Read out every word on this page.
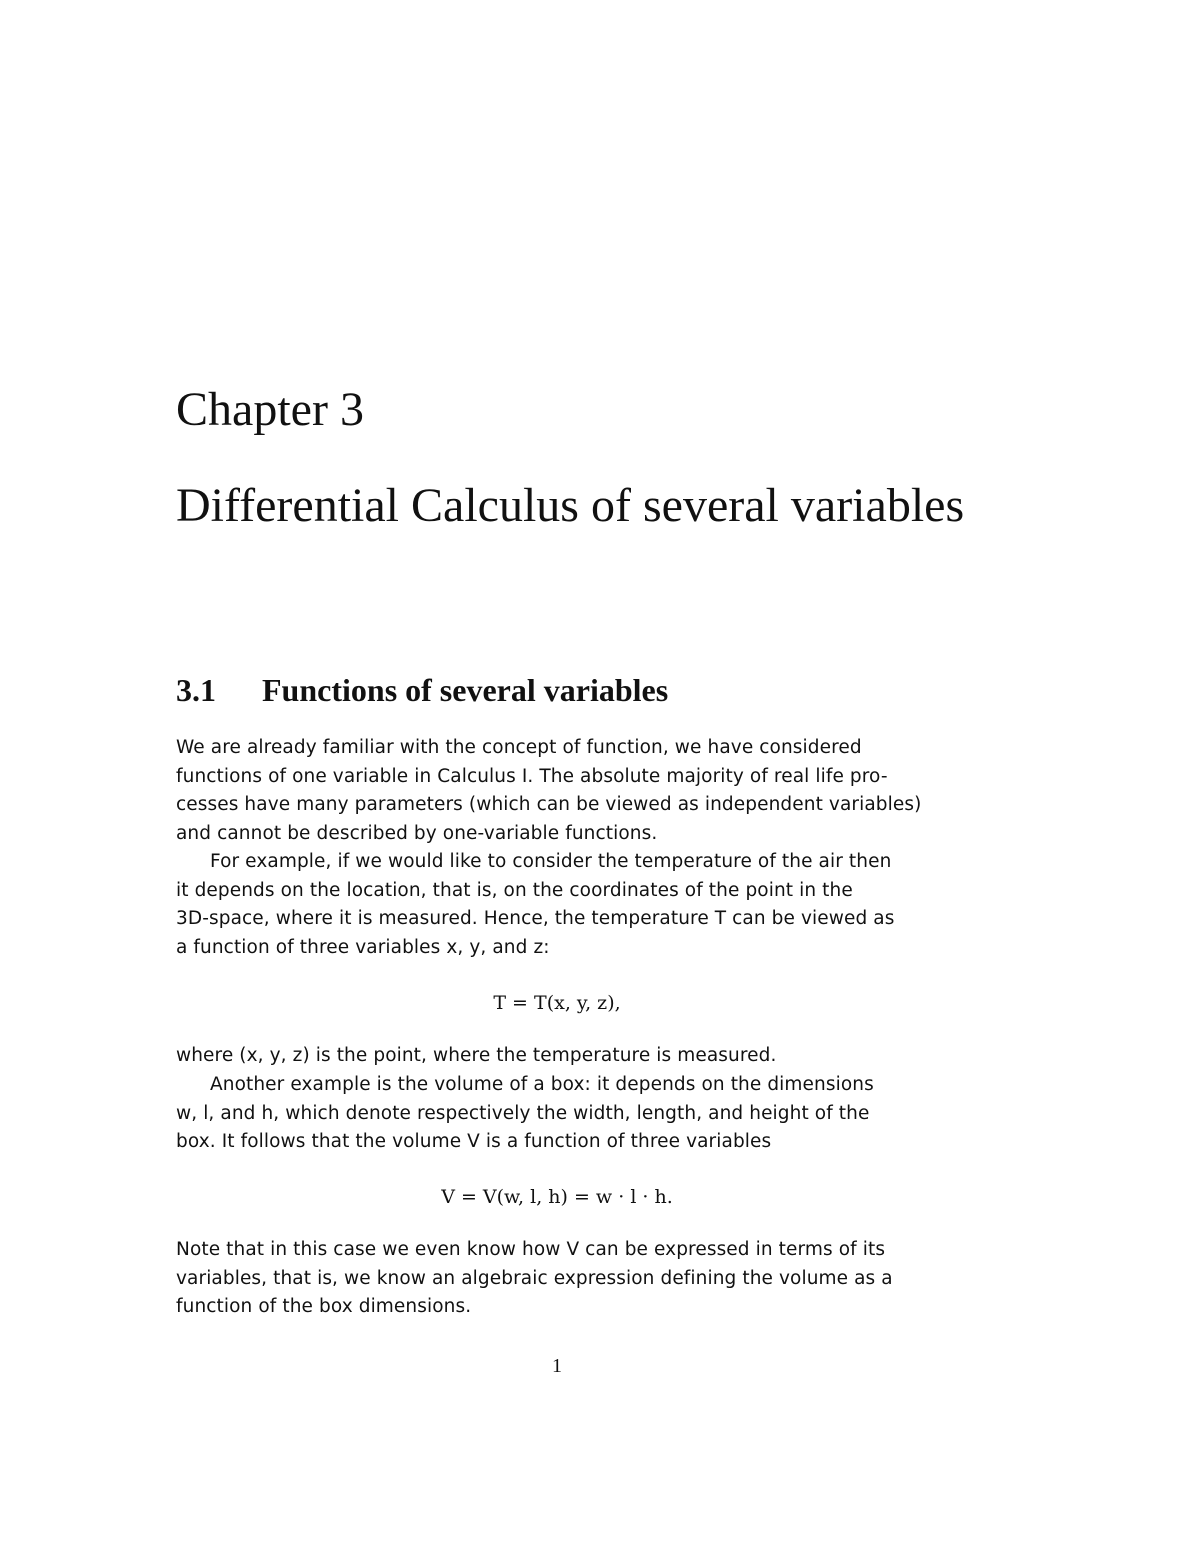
Chapter 3
Differential Calculus of several variables
3.1 Functions of several variables
We are already familiar with the concept of function, we have considered
functions of one variable in Calculus I. The absolute majority of real life pro-
cesses have many parameters (which can be viewed as independent variables)
and cannot be described by one-variable functions.
For example, if we would like to consider the temperature of the air then
it depends on the location, that is, on the coordinates of the point in the
3D-space, where it is measured. Hence, the temperature T can be viewed as
a function of three variables x, y, and z:

T = T(x, y, z),

where (x, y, z) is the point, where the temperature is measured.
Another example is the volume of a box: it depends on the dimensions
w, l, and h, which denote respectively the width, length, and height of the
box. It follows that the volume V is a function of three variables

V = V(w, l, h) = w · l · h.

Note that in this case we even know how V can be expressed in terms of its
variables, that is, we know an algebraic expression defining the volume as a
function of the box dimensions.

1
